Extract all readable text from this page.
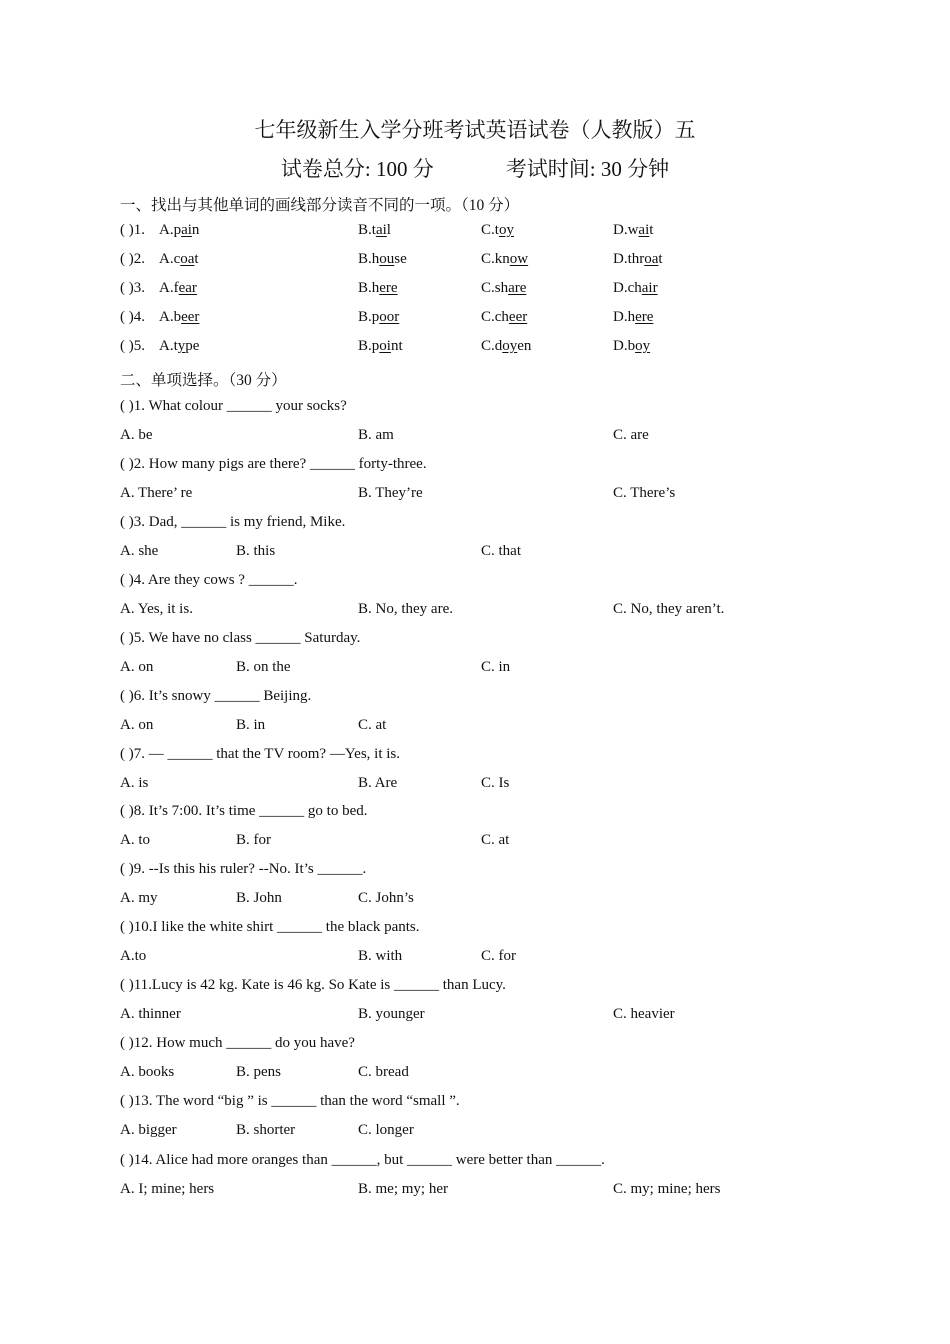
七年级新生入学分班考试英语试卷（人教版）五
试卷总分: 100 分	考试时间: 30 分钟
一、找出与其他单词的画线部分读音不同的一项。（10 分）
( )1. A.pain	B.tail	C.toy	D.wait
( )2. A.coat	B.house	C.know	D.throat
( )3. A.fear	B.here	C.share	D.chair
( )4. A.beer	B.poor	C.cheer	D.here
( )5. A.type	B.point	C.doyen	D.boy
二、单项选择。（30 分）
( )1. What colour ______ your socks?
A. be	B. am	C. are
( )2. How many pigs are there? ______ forty-three.
A. There’ re	B. They’re	C. There’s
( )3. Dad, ______ is my friend, Mike.
A. she	B. this	C. that
( )4. Are they cows ? ______.
A. Yes, it is.	B. No, they are.	C. No, they aren’t.
( )5. We have no class ______ Saturday.
A. on	B. on the	C. in
( )6. It’s snowy ______ Beijing.
A. on	B. in	C. at
( )7. — ______ that the TV room? —Yes, it is.
A. is	B. Are	C. Is
( )8. It’s 7:00. It’s time ______ go to bed.
A. to	B. for	C. at
( )9. --Is this his ruler? --No. It’s ______.
A. my	B. John	C. John’s
( )10.I like the white shirt ______ the black pants.
A.to	B. with	C. for
( )11.Lucy is 42 kg. Kate is 46 kg. So Kate is ______ than Lucy.
A. thinner	B. younger	C. heavier
( )12. How much ______ do you have?
A. books	B. pens	C. bread
( )13. The word “big ” is ______ than the word “small ”.
A. bigger	B. shorter	C. longer
( )14. Alice had more oranges than ______, but ______ were better than ______.
A. I; mine; hers	B. me; my; her	C. my; mine; hers
